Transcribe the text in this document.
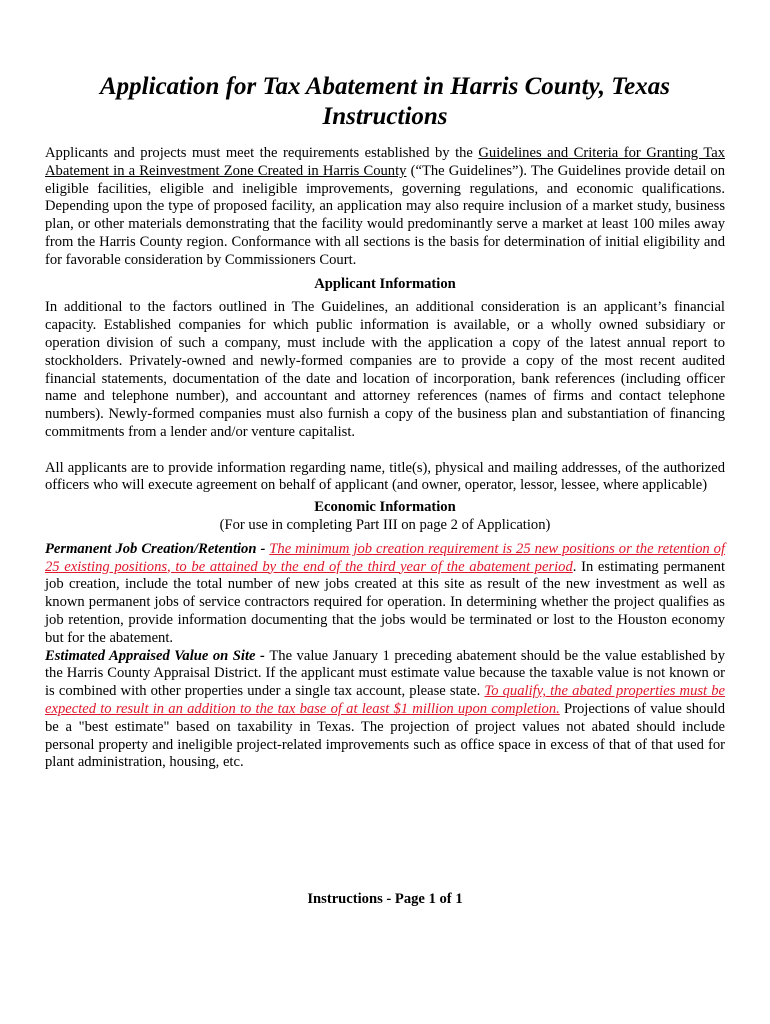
Application for Tax Abatement in Harris County, Texas
Instructions

Applicants and projects must meet the requirements established by the Guidelines and Criteria for Granting Tax Abatement in a Reinvestment Zone Created in Harris County (“The Guidelines”). The Guidelines provide detail on eligible facilities, eligible and ineligible improvements, governing regulations, and economic qualifications. Depending upon the type of proposed facility, an application may also require inclusion of a market study, business plan, or other materials demonstrating that the facility would predominantly serve a market at least 100 miles away from the Harris County region. Conformance with all sections is the basis for determination of initial eligibility and for favorable consideration by Commissioners Court.

Applicant Information

In additional to the factors outlined in The Guidelines, an additional consideration is an applicant’s financial capacity. Established companies for which public information is available, or a wholly owned subsidiary or operation division of such a company, must include with the application a copy of the latest annual report to stockholders. Privately-owned and newly-formed companies are to provide a copy of the most recent audited financial statements, documentation of the date and location of incorporation, bank references (including officer name and telephone number), and accountant and attorney references (names of firms and contact telephone numbers). Newly-formed companies must also furnish a copy of the business plan and substantiation of financing commitments from a lender and/or venture capitalist.

All applicants are to provide information regarding name, title(s), physical and mailing addresses, of the authorized officers who will execute agreement on behalf of applicant (and owner, operator, lessor, lessee, where applicable)

Economic Information
(For use in completing Part III on page 2 of Application)

Permanent Job Creation/Retention - The minimum job creation requirement is 25 new positions or the retention of 25 existing positions, to be attained by the end of the third year of the abatement period. In estimating permanent job creation, include the total number of new jobs created at this site as result of the new investment as well as known permanent jobs of service contractors required for operation. In determining whether the project qualifies as job retention, provide information documenting that the jobs would be terminated or lost to the Houston economy but for the abatement.

Estimated Appraised Value on Site - The value January 1 preceding abatement should be the value established by the Harris County Appraisal District. If the applicant must estimate value because the taxable value is not known or is combined with other properties under a single tax account, please state. To qualify, the abated properties must be expected to result in an addition to the tax base of at least $1 million upon completion. Projections of value should be a "best estimate" based on taxability in Texas. The projection of project values not abated should include personal property and ineligible project-related improvements such as office space in excess of that of that used for plant administration, housing, etc.

Instructions - Page 1 of 1
